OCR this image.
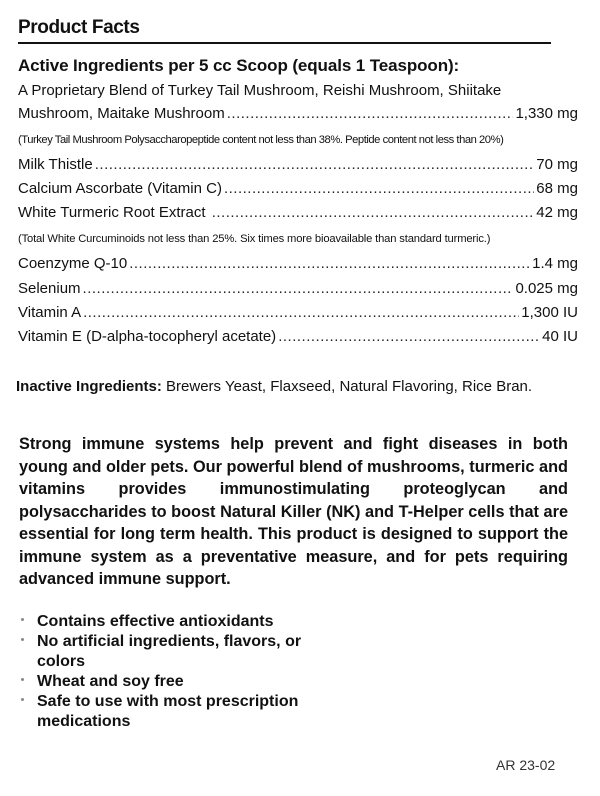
Product Facts
Active Ingredients per 5 cc Scoop (equals 1 Teaspoon):
A Proprietary Blend of Turkey Tail Mushroom, Reishi Mushroom, Shiitake
Mushroom, Maitake Mushroom .....	1,330 mg
(Turkey Tail Mushroom Polysaccharopeptide content not less than 38%. Peptide content not less than 20%)
Milk Thistle .....	70 mg
Calcium Ascorbate (Vitamin C) .....	68 mg
White Turmeric Root Extract .....	42 mg
(Total White Curcuminoids not less than 25%. Six times more bioavailable than standard turmeric.)
Coenzyme Q-10 .....	1.4 mg
Selenium .....	0.025 mg
Vitamin A .....	1,300 IU
Vitamin E (D-alpha-tocopheryl acetate) .....	40 IU
Inactive Ingredients: Brewers Yeast, Flaxseed, Natural Flavoring, Rice Bran.
Strong immune systems help prevent and fight diseases in both young and older pets. Our powerful blend of mushrooms, turmeric and vitamins provides immunostimulating proteoglycan and polysaccharides to boost Natural Killer (NK) and T-Helper cells that are essential for long term health. This product is designed to support the immune system as a preventative measure, and for pets requiring advanced immune support.
Contains effective antioxidants
No artificial ingredients, flavors, or colors
Wheat and soy free
Safe to use with most prescription medications
AR 23-02
